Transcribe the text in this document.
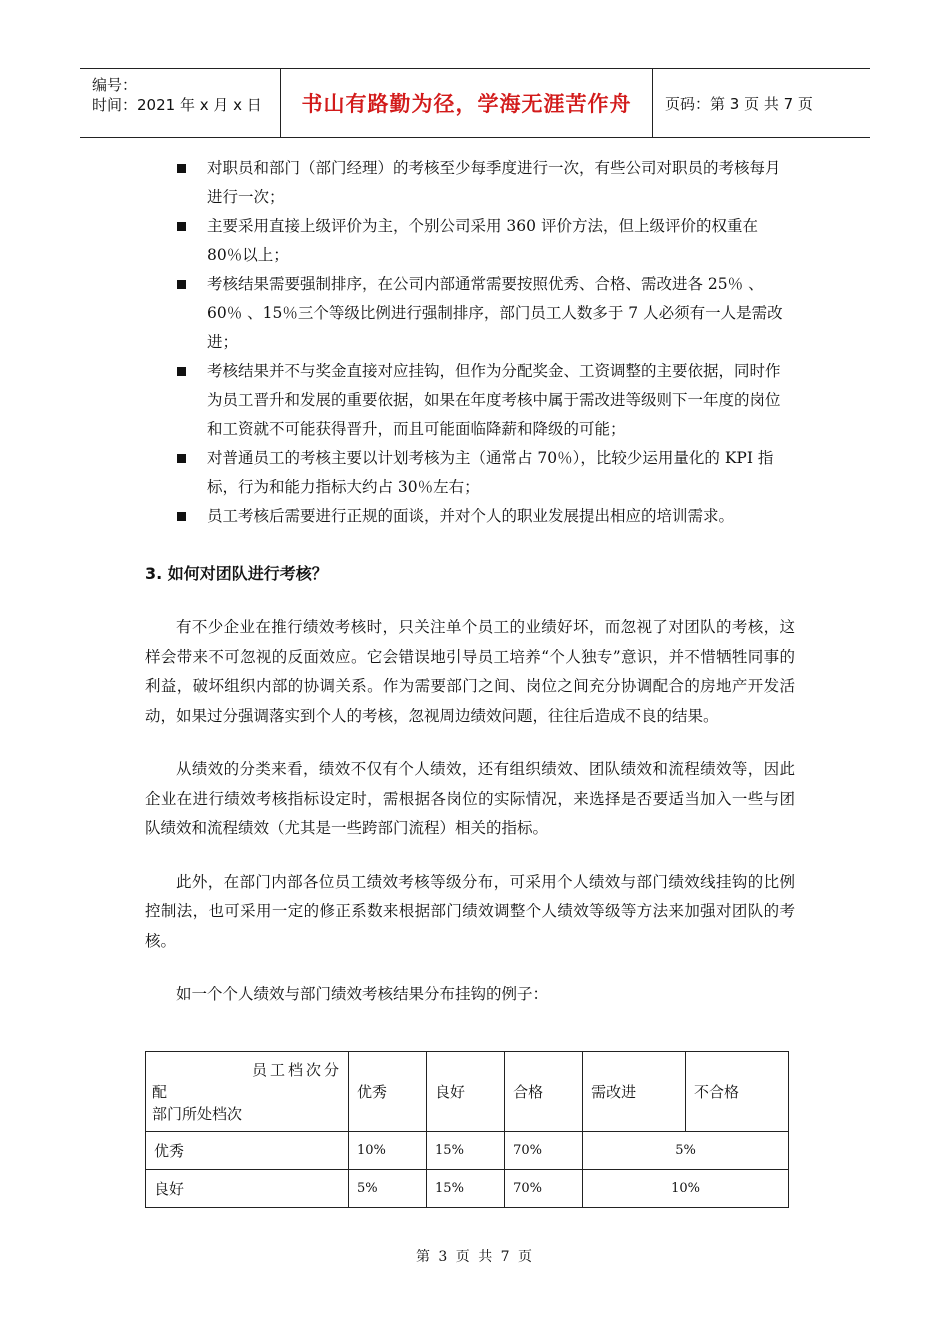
编号：
时间：2021 年 x 月 x 日	书山有路勤为径，学海无涯苦作舟	页码：第 3 页 共 7 页
对职员和部门（部门经理）的考核至少每季度进行一次，有些公司对职员的考核每月进行一次；
主要采用直接上级评价为主，个别公司采用 360 评价方法，但上级评价的权重在 80％以上；
考核结果需要强制排序，在公司内部通常需要按照优秀、合格、需改进各 25％ 、60％ 、15％三个等级比例进行强制排序，部门员工人数多于 7 人必须有一人是需改进；
考核结果并不与奖金直接对应挂钩，但作为分配奖金、工资调整的主要依据，同时作为员工晋升和发展的重要依据，如果在年度考核中属于需改进等级则下一年度的岗位和工资就不可能获得晋升，而且可能面临降薪和降级的可能；
对普通员工的考核主要以计划考核为主（通常占 70％），比较少运用量化的 KPI 指标，行为和能力指标大约占 30％左右；
员工考核后需要进行正规的面谈，并对个人的职业发展提出相应的培训需求。
3. 如何对团队进行考核？

有不少企业在推行绩效考核时，只关注单个员工的业绩好坏，而忽视了对团队的考核，这样会带来不可忽视的反面效应。它会错误地引导员工培养“个人独专”意识，并不惜牺牲同事的利益，破坏组织内部的协调关系。作为需要部门之间、岗位之间充分协调配合的房地产开发活动，如果过分强调落实到个人的考核，忽视周边绩效问题，往往后造成不良的结果。

从绩效的分类来看，绩效不仅有个人绩效，还有组织绩效、团队绩效和流程绩效等，因此企业在进行绩效考核指标设定时，需根据各岗位的实际情况，来选择是否要适当加入一些与团队绩效和流程绩效（尤其是一些跨部门流程）相关的指标。

此外，在部门内部各位员工绩效考核等级分布，可采用个人绩效与部门绩效线挂钩的比例控制法，也可采用一定的修正系数来根据部门绩效调整个人绩效等级等方法来加强对团队的考核。

如一个个人绩效与部门绩效考核结果分布挂钩的例子：

员工档次分
配
部门所处档次	优秀	良好	合格	需改进	不合格
优秀	10%	15%	70%	5%	
良好	5%	15%	70%	10%	
第 3 页 共 7 页
